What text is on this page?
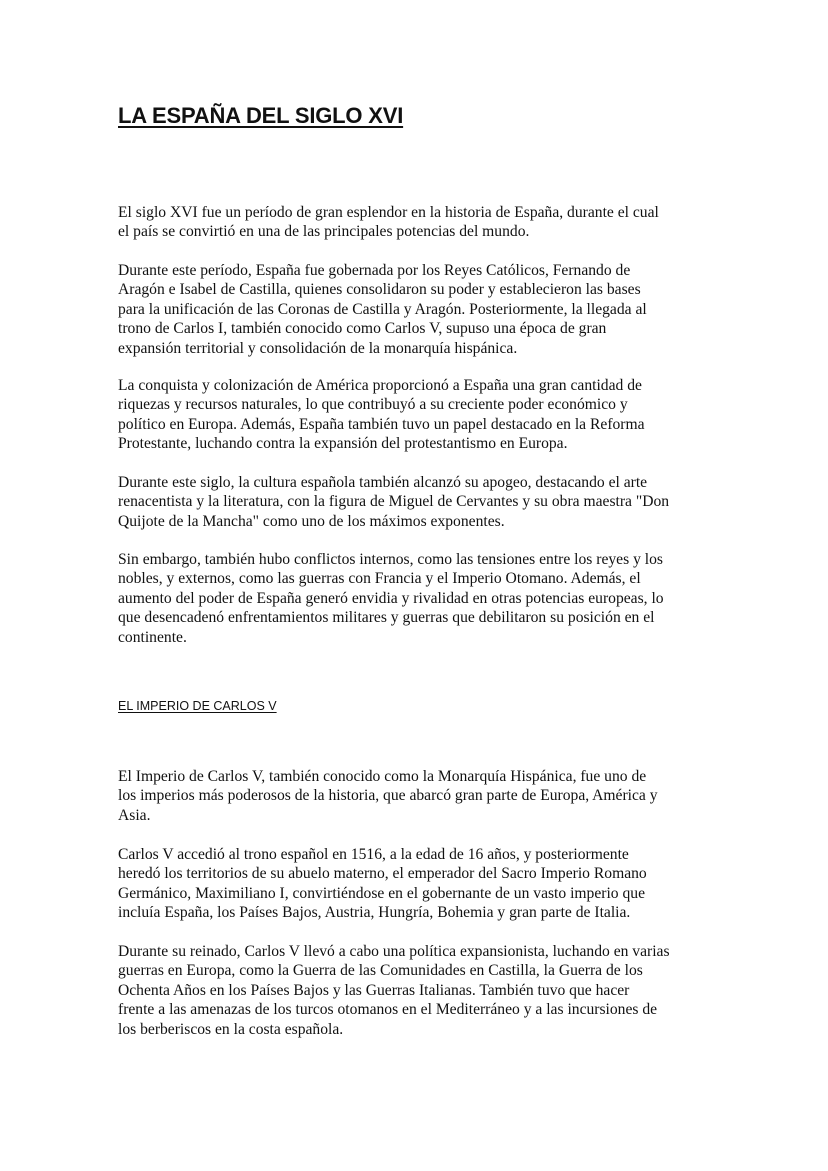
LA ESPAÑA DEL SIGLO XVI

El siglo XVI fue un período de gran esplendor en la historia de España, durante el cual
el país se convirtió en una de las principales potencias del mundo.

Durante este período, España fue gobernada por los Reyes Católicos, Fernando de
Aragón e Isabel de Castilla, quienes consolidaron su poder y establecieron las bases
para la unificación de las Coronas de Castilla y Aragón. Posteriormente, la llegada al
trono de Carlos I, también conocido como Carlos V, supuso una época de gran
expansión territorial y consolidación de la monarquía hispánica.

La conquista y colonización de América proporcionó a España una gran cantidad de
riquezas y recursos naturales, lo que contribuyó a su creciente poder económico y
político en Europa. Además, España también tuvo un papel destacado en la Reforma
Protestante, luchando contra la expansión del protestantismo en Europa.

Durante este siglo, la cultura española también alcanzó su apogeo, destacando el arte
renacentista y la literatura, con la figura de Miguel de Cervantes y su obra maestra "Don
Quijote de la Mancha" como uno de los máximos exponentes.

Sin embargo, también hubo conflictos internos, como las tensiones entre los reyes y los
nobles, y externos, como las guerras con Francia y el Imperio Otomano. Además, el
aumento del poder de España generó envidia y rivalidad en otras potencias europeas, lo
que desencadenó enfrentamientos militares y guerras que debilitaron su posición en el
continente.

EL IMPERIO DE CARLOS V

El Imperio de Carlos V, también conocido como la Monarquía Hispánica, fue uno de
los imperios más poderosos de la historia, que abarcó gran parte de Europa, América y
Asia.

Carlos V accedió al trono español en 1516, a la edad de 16 años, y posteriormente
heredó los territorios de su abuelo materno, el emperador del Sacro Imperio Romano
Germánico, Maximiliano I, convirtiéndose en el gobernante de un vasto imperio que
incluía España, los Países Bajos, Austria, Hungría, Bohemia y gran parte de Italia.

Durante su reinado, Carlos V llevó a cabo una política expansionista, luchando en varias
guerras en Europa, como la Guerra de las Comunidades en Castilla, la Guerra de los
Ochenta Años en los Países Bajos y las Guerras Italianas. También tuvo que hacer
frente a las amenazas de los turcos otomanos en el Mediterráneo y a las incursiones de
los berberiscos en la costa española.
